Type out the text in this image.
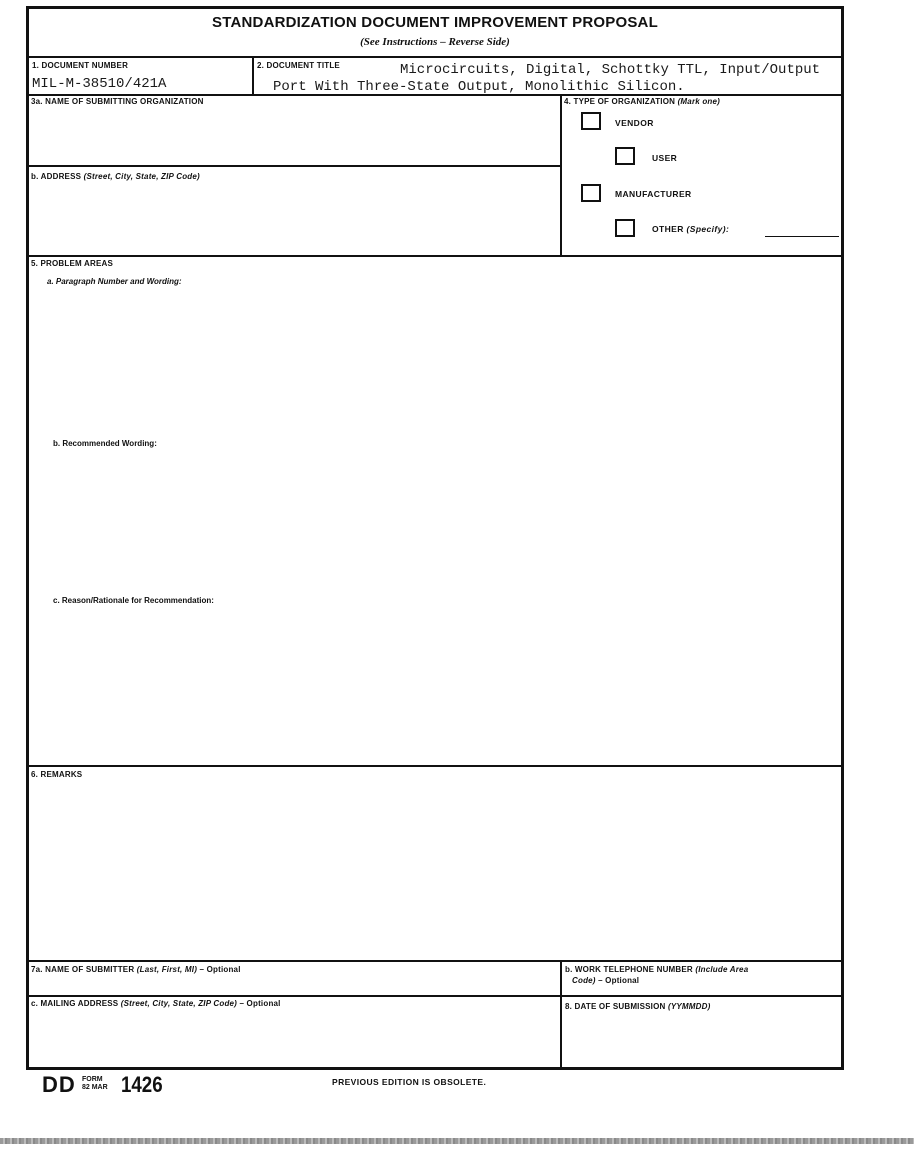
STANDARDIZATION DOCUMENT IMPROVEMENT PROPOSAL
(See Instructions – Reverse Side)
1. DOCUMENT NUMBER
MIL-M-38510/421A
2. DOCUMENT TITLE	Microcircuits, Digital, Schottky TTL, Input/Output
Port With Three-State Output, Monolithic Silicon.
3a. NAME OF SUBMITTING ORGANIZATION
b. ADDRESS (Street, City, State, ZIP Code)
4. TYPE OF ORGANIZATION (Mark one)
VENDOR
USER
MANUFACTURER
OTHER (Specify):
5. PROBLEM AREAS
a. Paragraph Number and Wording:
b. Recommended Wording:
c. Reason/Rationale for Recommendation:
6. REMARKS
7a. NAME OF SUBMITTER (Last, First, MI) – Optional	b. WORK TELEPHONE NUMBER (Include Area
Code) – Optional
c. MAILING ADDRESS (Street, City, State, ZIP Code) – Optional	8. DATE OF SUBMISSION (YYMMDD)
DD FORM
82 MAR 1426	PREVIOUS EDITION IS OBSOLETE.
